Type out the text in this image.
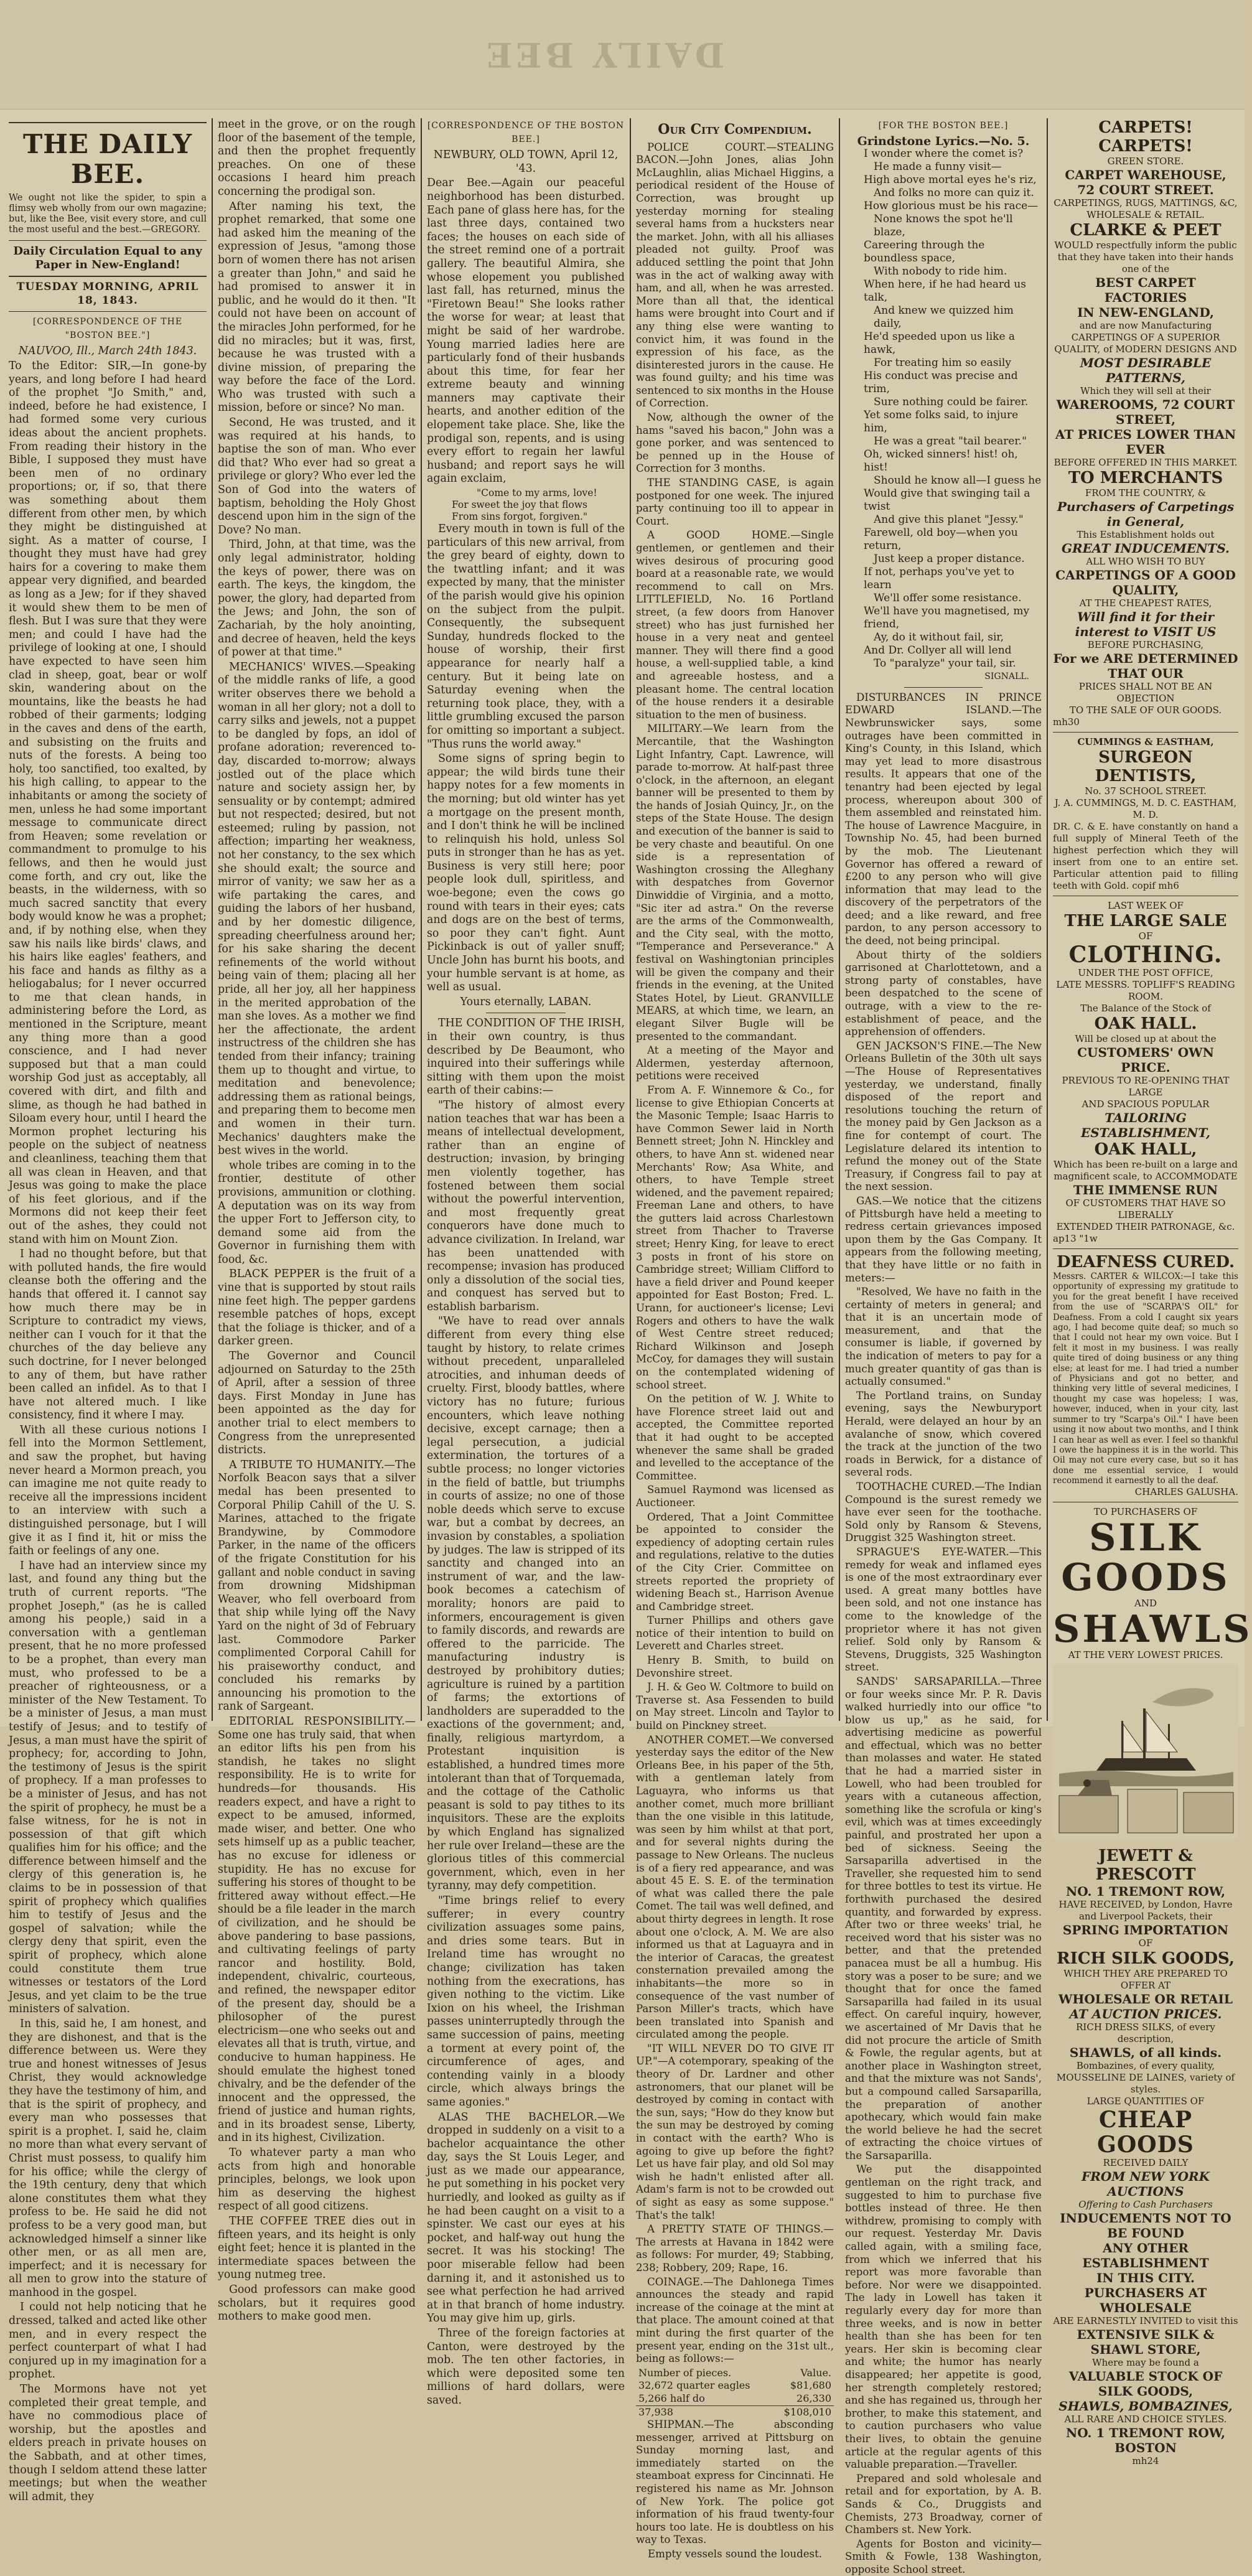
DAILY BEE
THE DAILY BEE.
We ought not like the spider, to spin a flimsy web wholly from our own magazine; but, like the Bee, visit every store, and cull the most useful and the best.—GREGORY.
Daily Circulation Equal to any Paper in New-England!
TUESDAY MORNING, APRIL 18, 1843.
[CORRESPONDENCE OF THE "BOSTON BEE."]

NAUVOO, Ill., March 24th 1843.

To the Editor: SIR,—In gone-by years, and long before I had heard of the prophet "Jo Smith," and, indeed, before he had existence, I had formed some very curious ideas about the ancient prophets. From reading their history in the Bible, I supposed they must have been men of no ordinary proportions; or, if so, that there was something about them different from other men, by which they might be distinguished at sight. As a matter of course, I thought they must have had grey hairs for a covering to make them appear very dignified, and bearded as long as a Jew; for if they shaved it would shew them to be men of flesh. But I was sure that they were men; and could I have had the privilege of looking at one, I should have expected to have seen him clad in sheep, goat, bear or wolf skin, wandering about on the mountains, like the beasts he had robbed of their garments; lodging in the caves and dens of the earth, and subsisting on the fruits and nuts of the forests. A being too holy, too sanctified, too exalted, by his high calling, to appear to the inhabitants or among the society of men, unless he had some important message to communicate direct from Heaven; some revelation or commandment to promulge to his fellows, and then he would just come forth, and cry out, like the beasts, in the wilderness, with so much sacred sanctity that every body would know he was a prophet; and, if by nothing else, when they saw his nails like birds' claws, and his hairs like eagles' feathers, and his face and hands as filthy as a heliogabalus; for I never occurred to me that clean hands, in administering before the Lord, as mentioned in the Scripture, meant any thing more than a good conscience, and I had never supposed but that a man could worship God just as acceptably, all covered with dirt, and filth and slime, as though he had bathed in Siloam every hour, until I heard the Mormon prophet lecturing his people on the subject of neatness and cleanliness, teaching them that all was clean in Heaven, and that Jesus was going to make the place of his feet glorious, and if the Mormons did not keep their feet out of the ashes, they could not stand with him on Mount Zion.

I had no thought before, but that with polluted hands, the fire would cleanse both the offering and the hands that offered it. I cannot say how much there may be in Scripture to contradict my views, neither can I vouch for it that the churches of the day believe any such doctrine, for I never belonged to any of them, but have rather been called an infidel. As to that I have not altered much. I like consistency, find it where I may.

With all these curious notions I fell into the Mormon Settlement, and saw the prophet, but having never heard a Mormon preach, you can imagine me not quite ready to receive all the impressions incident to an interview with such a distinguished personage, but I will give it as I find it, hit or miss the faith or feelings of any one.

I have had an interview since my last, and found any thing but the truth of current reports. "The prophet Joseph," (as he is called among his people,) said in a conversation with a gentleman present, that he no more professed to be a prophet, than every man must, who professed to be a preacher of righteousness, or a minister of the New Testament. To be a minister of Jesus, a man must testify of Jesus; and to testify of Jesus, a man must have the spirit of prophecy; for, according to John, the testimony of Jesus is the spirit of prophecy. If a man professes to be a minister of Jesus, and has not the spirit of prophecy, he must be a false witness, for he is not in possession of that gift which qualifies him for his office; and the difference between himself and the clergy of this generation is, he claims to be in possession of that spirit of prophecy which qualifies him to testify of Jesus and the gospel of salvation; while the clergy deny that spirit, even the spirit of prophecy, which alone could constitute them true witnesses or testators of the Lord Jesus, and yet claim to be the true ministers of salvation.

In this, said he, I am honest, and they are dishonest, and that is the difference between us. Were they true and honest witnesses of Jesus Christ, they would acknowledge they have the testimony of him, and that is the spirit of prophecy, and every man who possesses that spirit is a prophet. I, said he, claim no more than what every servant of Christ must possess, to qualify him for his office; while the clergy of the 19th century, deny that which alone constitutes them what they profess to be. He said he did not profess to be a very good man, but acknowledged himself a sinner like other men, or as all men are, imperfect; and it is necessary for all men to grow into the stature of manhood in the gospel.

I could not help noticing that he dressed, talked and acted like other men, and in every respect the perfect counterpart of what I had conjured up in my imagination for a prophet.

The Mormons have not yet completed their great temple, and have no commodious place of worship, but the apostles and elders preach in private houses on the Sabbath, and at other times, though I seldom attend these latter meetings; but when the weather will admit, they

meet in the grove, or on the rough floor of the basement of the temple, and then the prophet frequently preaches. On one of these occasions I heard him preach concerning the prodigal son.

After naming his text, the prophet remarked, that some one had asked him the meaning of the expression of Jesus, "among those born of women there has not arisen a greater than John," and said he had promised to answer it in public, and he would do it then. "It could not have been on account of the miracles John performed, for he did no miracles; but it was, first, because he was trusted with a divine mission, of preparing the way before the face of the Lord. Who was trusted with such a mission, before or since? No man.

Second, He was trusted, and it was required at his hands, to baptise the son of man. Who ever did that? Who ever had so great a privilege or glory? Who ever led the Son of God into the waters of baptism, beholding the Holy Ghost descend upon him in the sign of the Dove? No man.

Third, John, at that time, was the only legal administrator, holding the keys of power, there was on earth. The keys, the kingdom, the power, the glory, had departed from the Jews; and John, the son of Zachariah, by the holy anointing, and decree of heaven, held the keys of power at that time."

MECHANICS' WIVES.—Speaking of the middle ranks of life, a good writer observes there we behold a woman in all her glory; not a doll to carry silks and jewels, not a puppet to be dangled by fops, an idol of profane adoration; reverenced to-day, discarded to-morrow; always jostled out of the place which nature and society assign her, by sensuality or by contempt; admired but not respected; desired, but not esteemed; ruling by passion, not affection; imparting her weakness, not her constancy, to the sex which she should exalt; the source and mirror of vanity; we saw her as a wife partaking the cares, and guiding the labors of her husband, and by her domestic diligence, spreading cheerfulness around her; for his sake sharing the decent refinements of the world without being vain of them; placing all her pride, all her joy, all her happiness in the merited approbation of the man she loves. As a mother we find her the affectionate, the ardent instructress of the children she has tended from their infancy; training them up to thought and virtue, to meditation and benevolence; addressing them as rational beings, and preparing them to become men and women in their turn. Mechanics' daughters make the best wives in the world.

whole tribes are coming in to the frontier, destitute of other provisions, ammunition or clothing. A deputation was on its way from the upper Fort to Jefferson city, to demand some aid from the Governor in furnishing them with food, &c.

BLACK PEPPER is the fruit of a vine that is supported by stout rails nine feet high. The pepper gardens resemble patches of hops, except that the foliage is thicker, and of a darker green.

The Governor and Council adjourned on Saturday to the 25th of April, after a session of three days. First Monday in June has been appointed as the day for another trial to elect members to Congress from the unrepresented districts.

A TRIBUTE TO HUMANITY.—The Norfolk Beacon says that a silver medal has been presented to Corporal Philip Cahill of the U. S. Marines, attached to the frigate Brandywine, by Commodore Parker, in the name of the officers of the frigate Constitution for his gallant and noble conduct in saving from drowning Midshipman Weaver, who fell overboard from that ship while lying off the Navy Yard on the night of 3d of February last. Commodore Parker complimented Corporal Cahill for his praiseworthy conduct, and concluded his remarks by announcing his promotion to the rank of Sargeant.

EDITORIAL RESPONSIBILITY.—Some one has truly said, that when an editor lifts his pen from his standish, he takes no slight responsibility. He is to write for hundreds—for thousands. His readers expect, and have a right to expect to be amused, informed, made wiser, and better. One who sets himself up as a public teacher, has no excuse for idleness or stupidity. He has no excuse for suffering his stores of thought to be frittered away without effect.—He should be a file leader in the march of civilization, and he should be above pandering to base passions, and cultivating feelings of party rancor and hostility. Bold, independent, chivalric, courteous, and refined, the newspaper editor of the present day, should be a philosopher of the purest electricism—one who seeks out and elevates all that is truth, virtue, and conducive to human happiness. He should emulate the highest toned chivalry, and be the defender of the innocent and the oppressed, the friend of justice and human rights, and in its broadest sense, Liberty, and in its highest, Civilization.

To whatever party a man who acts from high and honorable principles, belongs, we look upon him as deserving the highest respect of all good citizens.

THE COFFEE TREE dies out in fifteen years, and its height is only eight feet; hence it is planted in the intermediate spaces between the young nutmeg tree.

Good professors can make good scholars, but it requires good mothers to make good men.

[CORRESPONDENCE OF THE BOSTON BEE.]

NEWBURY, OLD TOWN, April 12, '43.

Dear Bee.—Again our peaceful neighborhood has been disturbed. Each pane of glass here has, for the last three days, contained two faces; the houses on each side of the street remind one of a portrait gallery. The beautiful Almira, she whose elopement you published last fall, has returned, minus the "Firetown Beau!" She looks rather the worse for wear; at least that might be said of her wardrobe. Young married ladies here are particularly fond of their husbands about this time, for fear her extreme beauty and winning manners may captivate their hearts, and another edition of the elopement take place. She, like the prodigal son, repents, and is using every effort to regain her lawful husband; and report says he will again exclaim,

"Come to my arms, love!
For sweet the joy that flows
From sins forgot, forgiven."

Every mouth in town is full of the particulars of this new arrival, from the grey beard of eighty, down to the twattling infant; and it was expected by many, that the minister of the parish would give his opinion on the subject from the pulpit. Consequently, the subsequent Sunday, hundreds flocked to the house of worship, their first appearance for nearly half a century. But it being late on Saturday evening when the returning took place, they, with a little grumbling excused the parson for omitting so important a subject. "Thus runs the world away."

Some signs of spring begin to appear; the wild birds tune their happy notes for a few moments in the morning; but old winter has yet a mortgage on the present month, and I don't think he will be inclined to relinquish his hold, unless Sol puts in stronger than he has as yet. Business is very still here; poor people look dull, spiritless, and woe-begone; even the cows go round with tears in their eyes; cats and dogs are on the best of terms, so poor they can't fight. Aunt Pickinback is out of yaller snuff; Uncle John has burnt his boots, and your humble servant is at home, as well as usual.

Yours eternally, LABAN.

THE CONDITION OF THE IRISH, in their own country, is thus described by De Beaumont, who inquired into their sufferings while sitting with them upon the moist earth of their cabins:—

"The history of almost every nation teaches that war has been a means of intellectual development, rather than an engine of destruction; invasion, by bringing men violently together, has fostened between them social without the powerful intervention, and most frequently great conquerors have done much to advance civilization. In Ireland, war has been unattended with recompense; invasion has produced only a dissolution of the social ties, and conquest has served but to establish barbarism.

"We have to read over annals different from every thing else taught by history, to relate crimes without precedent, unparalleled atrocities, and inhuman deeds of cruelty. First, bloody battles, where victory has no future; furious encounters, which leave nothing decisive, except carnage; then a legal persecution, a judicial extermination, the tortures of a subtle process; no longer victories in the field of battle, but triumphs in courts of assize; no one of those noble deeds which serve to excuse war, but a combat by decrees, an invasion by constables, a spoliation by judges. The law is stripped of its sanctity and changed into an instrument of war, and the law-book becomes a catechism of morality; honors are paid to informers, encouragement is given to family discords, and rewards are offered to the parricide. The manufacturing industry is destroyed by prohibitory duties; agriculture is ruined by a partition of farms; the extortions of landholders are superadded to the exactions of the government; and, finally, religious martyrdom, a Protestant inquisition is established, a hundred times more intolerant than that of Torquemada, and the cottage of the Catholic peasant is sold to pay tithes to its inquisitors. These are the exploits by which England has signalized her rule over Ireland—these are the glorious titles of this commercial government, which, even in her tyranny, may defy competition.

"Time brings relief to every sufferer; in every country civilization assuages some pains, and dries some tears. But in Ireland time has wrought no change; civilization has taken nothing from the execrations, has given nothing to the victim. Like Ixion on his wheel, the Irishman passes uninterruptedly through the same succession of pains, meeting a torment at every point of, the circumference of ages, and contending vainly in a bloody circle, which always brings the same agonies."

ALAS THE BACHELOR.—We dropped in suddenly on a visit to a bachelor acquaintance the other day, says the St Louis Leger, and just as we made our appearance, he put something in his pocket very hurriedly, and looked as guilty as if he had been caught on a visit to a spinster. We cast our eyes at his pocket, and half-way out hung the secret. It was his stocking! The poor miserable fellow had been darning it, and it astonished us to see what perfection he had arrived at in that branch of home industry. You may give him up, girls.

Three of the foreign factories at Canton, were destroyed by the mob. The ten other factories, in which were deposited some ten millions of hard dollars, were saved.

Our City Compendium.

POLICE COURT.—STEALING BACON.—John Jones, alias John McLaughlin, alias Michael Higgins, a periodical resident of the House of Correction, was brought up yesterday morning for stealing several hams from a hucksters near the market. John, with all his alliases pleaded not guilty. Proof was adduced settling the point that John was in the act of walking away with ham, and all, when he was arrested. More than all that, the identical hams were brought into Court and if any thing else were wanting to convict him, it was found in the expression of his face, as the disinterested jurors in the cause. He was found guilty; and his time was sentenced to six months in the House of Correction.

Now, although the owner of the hams "saved his bacon," John was a gone porker, and was sentenced to be penned up in the House of Correction for 3 months.

THE STANDING CASE, is again postponed for one week. The injured party continuing too ill to appear in Court.

A GOOD HOME.—Single gentlemen, or gentlemen and their wives desirous of procuring good board at a reasonable rate, we would recommend to call on Mrs. LITTLEFIELD, No. 16 Portland street, (a few doors from Hanover street) who has just furnished her house in a very neat and genteel manner. They will there find a good house, a well-supplied table, a kind and agreeable hostess, and a pleasant home. The central location of the house renders it a desirable situation to the men of business.

MILITARY.—We learn from the Mercantile, that the Washington Light Infantry, Capt. Lawrence, will parade to-morrow. At half-past three o'clock, in the afternoon, an elegant banner will be presented to them by the hands of Josiah Quincy, Jr., on the steps of the State House. The design and execution of the banner is said to be very chaste and beautiful. On one side is a representation of Washington crossing the Alleghany with despatches from Governor Dinwiddie of Virginia, and a motto, "Sic iter ad astra." On the reverse are the arms of the Commonwealth, and the City seal, with the motto, "Temperance and Perseverance." A festival on Washingtonian principles will be given the company and their friends in the evening, at the United States Hotel, by Lieut. GRANVILLE MEARS, at which time, we learn, an elegant Silver Bugle will be presented to the commandant.

At a meeting of the Mayor and Aldermen, yesterday afternoon, petitions were received

From A. F. Winnemore & Co., for license to give Ethiopian Concerts at the Masonic Temple; Isaac Harris to have Common Sewer laid in North Bennett street; John N. Hinckley and others, to have Ann st. widened near Merchants' Row; Asa White, and others, to have Temple street widened, and the pavement repaired; Freeman Lane and others, to have the gutters laid across Charlestown street from Thacher to Traverse street; Henry King, for leave to erect 3 posts in front of his store on Cambridge street; William Clifford to have a field driver and Pound keeper appointed for East Boston; Fred. L. Urann, for auctioneer's license; Levi Rogers and others to have the walk of West Centre street reduced; Richard Wilkinson and Joseph McCoy, for damages they will sustain on the contemplated widening of school street.

On the petition of W. J. White to have Florence street laid out and accepted, the Committee reported that it had ought to be accepted whenever the same shall be graded and levelled to the acceptance of the Committee.

Samuel Raymond was licensed as Auctioneer.

Ordered, That a Joint Committee be appointed to consider the expediency of adopting certain rules and regulations, relative to the duties of the City Crier. Committee on streets reported the propriety of widening Beach st., Harrison Avenue and Cambridge street.

Turner Phillips and others gave notice of their intention to build on Leverett and Charles street.

Henry B. Smith, to build on Devonshire street.

J. H. & Geo W. Coltmore to build on Traverse st. Asa Fessenden to build on May street. Lincoln and Taylor to build on Pinckney street.

ANOTHER COMET.—We conversed yesterday says the editor of the New Orleans Bee, in his paper of the 5th, with a gentleman lately from Laguayra, who informs us that another comet, much more brilliant than the one visible in this latitude, was seen by him whilst at that port, and for several nights during the passage to New Orleans. The nucleus is of a fiery red appearance, and was about 45 E. S. E. of the termination of what was called there the pale Comet. The tail was well defined, and about thirty degrees in length. It rose about one o'clock, A. M. We are also informed us that at Laguayra and in the interior of Caracas, the greatest consternation prevailed among the inhabitants—the more so in consequence of the vast number of Parson Miller's tracts, which have been translated into Spanish and circulated among the people.

"IT WILL NEVER DO TO GIVE IT UP."—A cotemporary, speaking of the theory of Dr. Lardner and other astronomers, that our planet will be destroyed by coming in contact with the sun, says; "How do they know but the sun may be destroyed by coming in contact with the earth? Who is agoing to give up before the fight? Let us have fair play, and old Sol may wish he hadn't enlisted after all. Adam's farm is not to be crowded out of sight as easy as some suppose." That's the talk!

A PRETTY STATE OF THINGS.—The arrests at Havana in 1842 were as follows: For murder, 49; Stabbing, 238; Robbery, 209; Rape, 16.

COINAGE.—The Dahlonega Times announces the steady and rapid increase of the coinage at the mint at that place. The amount coined at that mint during the first quarter of the present year, ending on the 31st ult., being as follows:—

Number of pieces.	Value.
32,672 quarter eagles	$81,680
5,266 half do	26,330
37,938	$108,010

SHIPMAN.—The absconding messenger, arrived at Pittsburg on Sunday morning last, and immediately started on the steamboat express for Cincinnati. He registered his name as Mr. Johnson of New York. The police got information of his fraud twenty-four hours too late. He is doubtless on his way to Texas.

Empty vessels sound the loudest.

[FOR THE BOSTON BEE.]
Grindstone Lyrics.—No. 5.
I wonder where the comet is?
He made a funny visit—
High above mortal eyes he's riz,
And folks no more can quiz it.
How glorious must be his race—
None knows the spot he'll blaze,
Careering through the boundless space,
With nobody to ride him.
When here, if he had heard us talk,
And knew we quizzed him daily,
He'd speeded upon us like a hawk,
For treating him so easily
His conduct was precise and trim,
Sure nothing could be fairer.
Yet some folks said, to injure him,
He was a great "tail bearer."
Oh, wicked sinners! hist! oh, hist!
Should he know all—I guess he
Would give that swinging tail a twist
And give this planet "Jessy."
Farewell, old boy—when you return,
Just keep a proper distance.
If not, perhaps you've yet to learn
We'll offer some resistance.
We'll have you magnetised, my friend,
Ay, do it without fail, sir,
And Dr. Collyer all will lend
To "paralyze" your tail, sir.
SIGNALL.

DISTURBANCES IN PRINCE EDWARD ISLAND.—The Newbrunswicker says, some outrages have been committed in King's County, in this Island, which may yet lead to more disastrous results. It appears that one of the tenantry had been ejected by legal process, whereupon about 300 of them assembled and reinstated him. The house of Lawrence Macguire, in Township No. 45, had been burned by the mob. The Lieutenant Governor has offered a reward of £200 to any person who will give information that may lead to the discovery of the perpetrators of the deed; and a like reward, and free pardon, to any person accessory to the deed, not being principal.

About thirty of the soldiers garrisoned at Charlottetown, and a strong party of constables, have been despatched to the scene of outrage, with a view to the re-establishment of peace, and the apprehension of offenders.

GEN JACKSON'S FINE.—The New Orleans Bulletin of the 30th ult says—The House of Representatives yesterday, we understand, finally disposed of the report and resolutions touching the return of the money paid by Gen Jackson as a fine for contempt of court. The Legislature delared its intention to refund the money out of the State Treasury, if Congress fail to pay at the next session.

GAS.—We notice that the citizens of Pittsburgh have held a meeting to redress certain grievances imposed upon them by the Gas Company. It appears from the following meeting, that they have little or no faith in meters:—

"Resolved, We have no faith in the certainty of meters in general; and that it is an uncertain mode of measurement, and that the consumer is liable, if governed by the indication of meters to pay for a much greater quantity of gas than is actually consumed."

The Portland trains, on Sunday evening, says the Newburyport Herald, were delayed an hour by an avalanche of snow, which covered the track at the junction of the two roads in Berwick, for a distance of several rods.

TOOTHACHE CURED.—The Indian Compound is the surest remedy we have ever seen for the toothache. Sold only by Ransom & Stevens, Druggist 325 Washington street.

SPRAGUE'S EYE-WATER.—This remedy for weak and inflamed eyes is one of the most extraordinary ever used. A great many bottles have been sold, and not one instance has come to the knowledge of the proprietor where it has not given relief. Sold only by Ransom & Stevens, Druggists, 325 Washington street.

SANDS' SARSAPARILLA.—Three or four weeks since Mr. P. R. Davis walked hurriedly into our office "to blow us up," as he said, for advertising medicine as powerful and effectual, which was no better than molasses and water. He stated that he had a married sister in Lowell, who had been troubled for years with a cutaneous affection, something like the scrofula or king's evil, which was at times exceedingly painful, and prostrated her upon a bed of sickness. Seeing the Sarsaparilla advertised in the Traveller, she requested him to send for three bottles to test its virtue. He forthwith purchased the desired quantity, and forwarded by express. After two or three weeks' trial, he received word that his sister was no better, and that the pretended panacea must be all a humbug. His story was a poser to be sure; and we thought that for once the famed Sarsaparilla had failed in its usual effect. On careful inquiry, however, we ascertained of Mr Davis that he did not procure the article of Smith & Fowle, the regular agents, but at another place in Washington street, and that the mixture was not Sands', but a compound called Sarsaparilla, the preparation of another apothecary, which would fain make the world believe he had the secret of extracting the choice virtues of the Sarsaparilla.

We put the disappointed gentleman on the right track, and suggested to him to purchase five bottles instead of three. He then withdrew, promising to comply with our request. Yesterday Mr. Davis called again, with a smiling face, from which we inferred that his report was more favorable than before. Nor were we disappointed. The lady in Lowell has taken it regularly every day for more than three weeks, and is now in better health than she has been for ten years. Her skin is becoming clear and white; the humor has nearly disappeared; her appetite is good, her strength completely restored; and she has regained us, through her brother, to make this statement, and to caution purchasers who value their lives, to obtain the genuine article at the regular agents of this valuable preparation.—Traveller.

Prepared and sold wholesale and retail and for exportation, by A. B. Sands & Co., Druggists and Chemists, 273 Broadway, corner of Chambers st. New York.

Agents for Boston and vicinity—Smith & Fowle, 138 Washington, opposite School street.

CARPETS! CARPETS!
GREEN STORE.
CARPET WAREHOUSE,
72 COURT STREET.
CARPETINGS, RUGS, MATTINGS, &C,
WHOLESALE & RETAIL.
CLARKE & PEET
WOULD respectfully inform the public that they have taken into their hands one of the
BEST CARPET FACTORIES
IN NEW-ENGLAND,
and are now Manufacturing CARPETINGS OF A SUPERIOR QUALITY, of MODERN DESIGNS AND
MOST DESIRABLE PATTERNS,
Which they will sell at their
WAREROOMS, 72 COURT STREET,
AT PRICES LOWER THAN EVER
BEFORE OFFERED IN THIS MARKET.
TO MERCHANTS
FROM THE COUNTRY, &
Purchasers of Carpetings in General,
This Establishment holds out
GREAT INDUCEMENTS.
ALL WHO WISH TO BUY
CARPETINGS OF A GOOD QUALITY,
AT THE CHEAPEST RATES,
Will find it for their interest to VISIT US
BEFORE PURCHASING,
For we ARE DETERMINED THAT OUR
PRICES SHALL NOT BE AN OBJECTION
TO THE SALE OF OUR GOODS.
mh30
CUMMINGS & EASTHAM,
SURGEON DENTISTS,
No. 37 SCHOOL STREET.
J. A. CUMMINGS, M. D. C. EASTHAM, M. D.
DR. C. & E. have constantly on hand a full supply of Mineral Teeth of the highest perfection which they will insert from one to an entire set. Particular attention paid to filling teeth with Gold. copif mh6
LAST WEEK OF
THE LARGE SALE
OF
CLOTHING.
UNDER THE POST OFFICE,
LATE MESSRS. TOPLIFF'S READING ROOM.
The Balance of the Stock of
OAK HALL.
Will be closed up at about the
CUSTOMERS' OWN PRICE.
PREVIOUS TO RE-OPENING THAT LARGE
AND SPACIOUS POPULAR
TAILORING ESTABLISHMENT,
OAK HALL,
Which has been re-built on a large and magnificent scale, to ACCOMMODATE
THE IMMENSE RUN
OF CUSTOMERS THAT HAVE SO LIBERALLY
EXTENDED THEIR PATRONAGE, &c.
ap13 "1w
DEAFNESS CURED.
Messrs. CARTER & WILCOX:—I take this opportunity of expressing my gratitude to you for the great benefit I have received from the use of "SCARPA'S OIL" for Deafness. From a cold I caught six years ago, I had become quite deaf; so much so that I could not hear my own voice. But I felt it most in my business. I was really quite tired of doing business or any thing else; at least for me. I had tried a number of Physicians and got no better, and thinking very little of several medicines, I thought my case was hopeless; I was, however, induced, when in your city, last summer to try "Scarpa's Oil." I have been using it now about two months, and I think I can hear as well as ever. I feel so thankful I owe the happiness it is in the world. This Oil may not cure every case, but so it has done me essential service, I would recommend it earnestly to all the deaf.
CHARLES GALUSHA.
TO PURCHASERS OF
SILK GOODS
AND
SHAWLS
AT THE VERY LOWEST PRICES.
JEWETT & PRESCOTT
NO. 1 TREMONT ROW,
HAVE RECEIVED, by London, Havre and Liverpool Packets, their
SPRING IMPORTATION
OF
RICH SILK GOODS,
WHICH THEY ARE PREPARED TO OFFER AT
WHOLESALE OR RETAIL
AT AUCTION PRICES.
RICH DRESS SILKS, of every description,
SHAWLS, of all kinds.
Bombazines, of every quality,
MOUSSELINE DE LAINES, variety of styles.
LARGE QUANTITIES OF
CHEAP GOODS
RECEIVED DAILY
FROM NEW YORK AUCTIONS
Offering to Cash Purchasers
INDUCEMENTS NOT TO BE FOUND
ANY OTHER ESTABLISHMENT
IN THIS CITY.
PURCHASERS AT WHOLESALE
ARE EARNESTLY INVITED to visit this
EXTENSIVE SILK & SHAWL STORE,
Where may be found a
VALUABLE STOCK OF SILK GOODS,
SHAWLS, BOMBAZINES,
ALL RARE AND CHOICE STYLES.
NO. 1 TREMONT ROW, BOSTON
mh24
